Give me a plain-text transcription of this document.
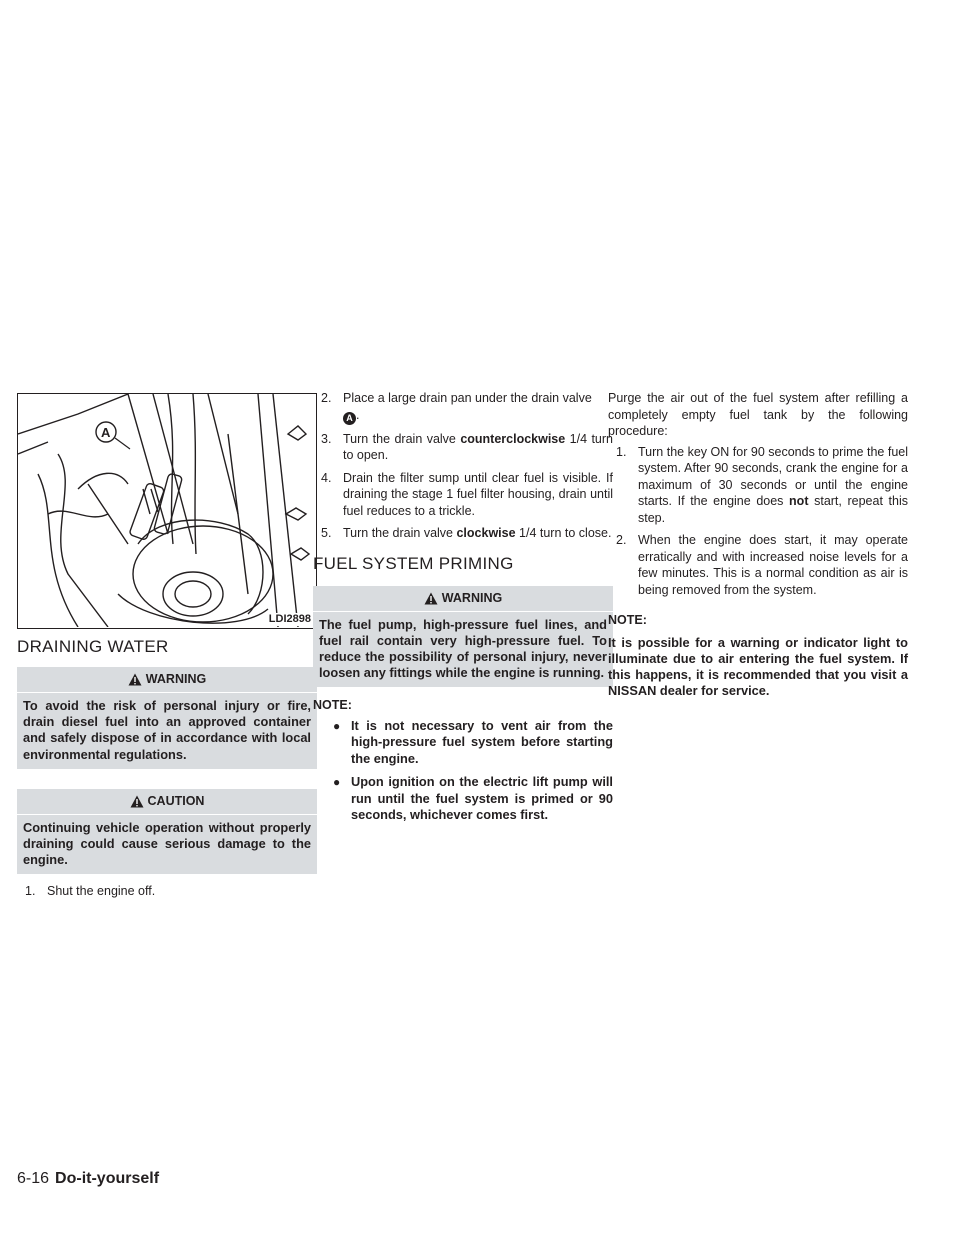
A
LDI2898
DRAINING WATER
WARNING
To avoid the risk of personal injury or fire, drain diesel fuel into an approved container and safely dispose of in accordance with local environmental regulations.
CAUTION
Continuing vehicle operation without properly draining could cause serious damage to the engine.
1. Shut the engine off.
2. Place a large drain pan under the drain valve
A .
3. Turn the drain valve counterclockwise 1/4 turn to open.
4. Drain the filter sump until clear fuel is visible. If draining the stage 1 fuel filter housing, drain until fuel reduces to a trickle.
5. Turn the drain valve clockwise 1/4 turn to close.
FUEL SYSTEM PRIMING
WARNING
The fuel pump, high-pressure fuel lines, and fuel rail contain very high-pressure fuel. To reduce the possibility of personal injury, never loosen any fittings while the engine is running.
NOTE:
● It is not necessary to vent air from the high-pressure fuel system before starting the engine.
● Upon ignition on the electric lift pump will run until the fuel system is primed or 90 seconds, whichever comes first.

Purge the air out of the fuel system after refilling a completely empty fuel tank by the following procedure:

1. Turn the key ON for 90 seconds to prime the fuel system. After 90 seconds, crank the engine for a maximum of 30 seconds or until the engine starts. If the engine does not start, repeat this step.
2. When the engine does start, it may operate erratically and with increased noise levels for a few minutes. This is a normal condition as air is being removed from the system.
NOTE:
It is possible for a warning or indicator light to illuminate due to air entering the fuel system. If this happens, it is recommended that you visit a NISSAN dealer for service.
6-16 Do-it-yourself
